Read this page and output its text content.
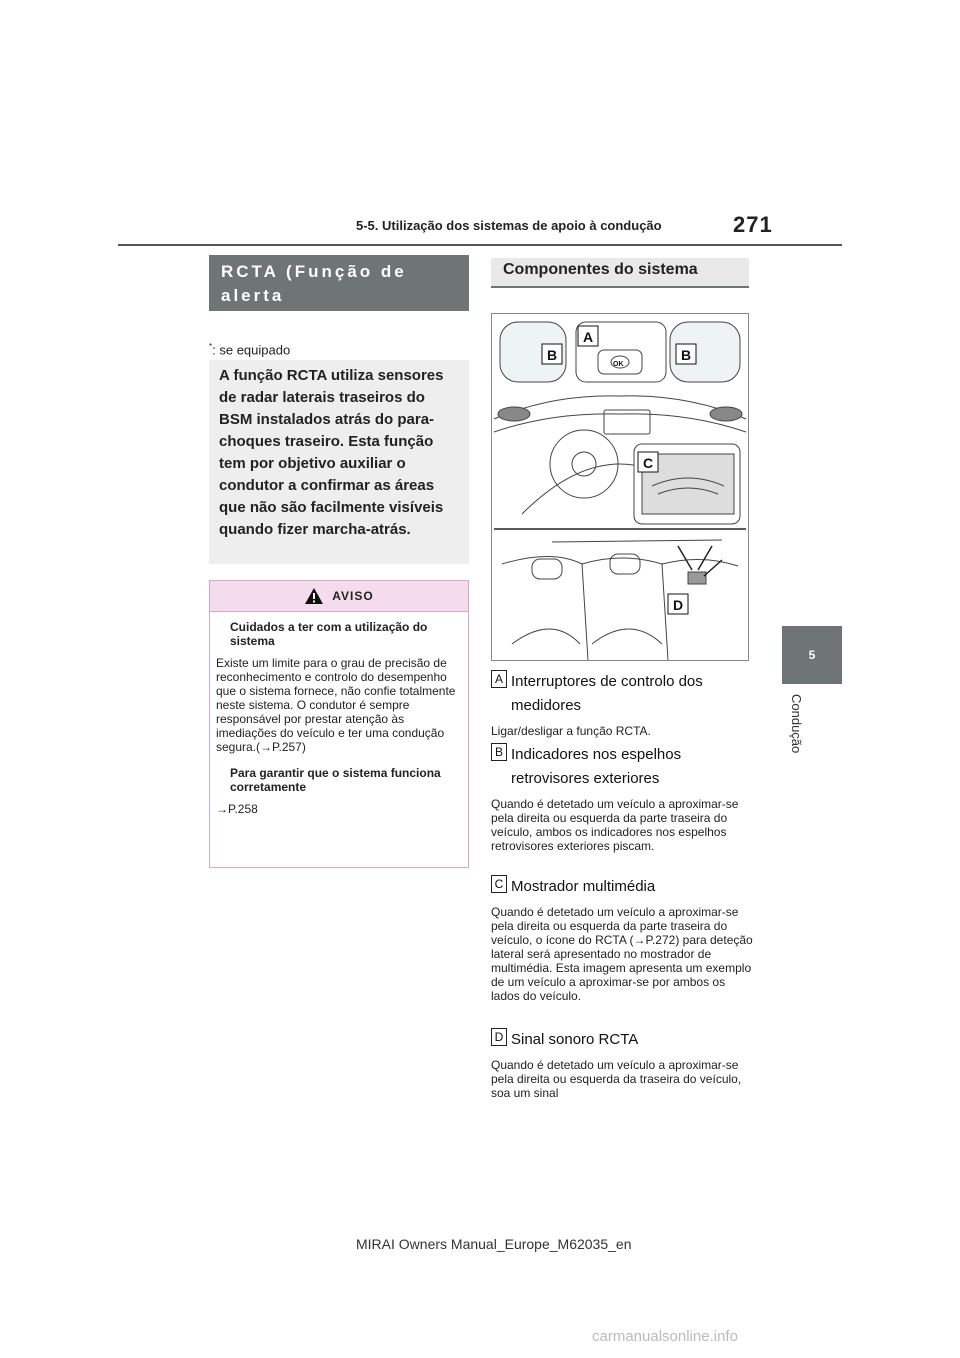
5-5. Utilização dos sistemas de apoio à condução	271
5
Condução
RCTA (Função de alerta
de tráfego traseiro)*
*: se equipado
A função RCTA utiliza sensores de radar laterais traseiros do BSM instalados atrás do para-choques traseiro. Esta função tem por objetivo auxiliar o condutor a confirmar as áreas que não são facilmente visíveis quando fizer marcha-atrás.
AVISO
Cuidados a ter com a utilização do sistema
Existe um limite para o grau de precisão de reconhecimento e controlo do desempenho que o sistema fornece, não confie totalmente neste sistema. O condutor é sempre responsável por prestar atenção às imediações do veículo e ter uma condução segura.(→P.257)
Para garantir que o sistema funciona corretamente
→P.258
Componentes do sistema
B
A
B
C
D
OK
A Interruptores de controlo dos
medidores
Ligar/desligar a função RCTA.
B Indicadores nos espelhos
retrovisores exteriores
Quando é detetado um veículo a aproximar-se pela direita ou esquerda da parte traseira do veículo, ambos os indicadores nos espelhos retrovisores exteriores piscam.
C Mostrador multimédia
Quando é detetado um veículo a aproximar-se pela direita ou esquerda da parte traseira do veículo, o ícone do RCTA (→P.272) para deteção lateral será apresentado no mostrador de multimédia. Esta imagem apresenta um exemplo de um veículo a aproximar-se por ambos os lados do veículo.
D Sinal sonoro RCTA
Quando é detetado um veículo a aproximar-se pela direita ou esquerda da traseira do veículo, soa um sinal
MIRAI Owners Manual_Europe_M62035_en
carmanualsonline.info
